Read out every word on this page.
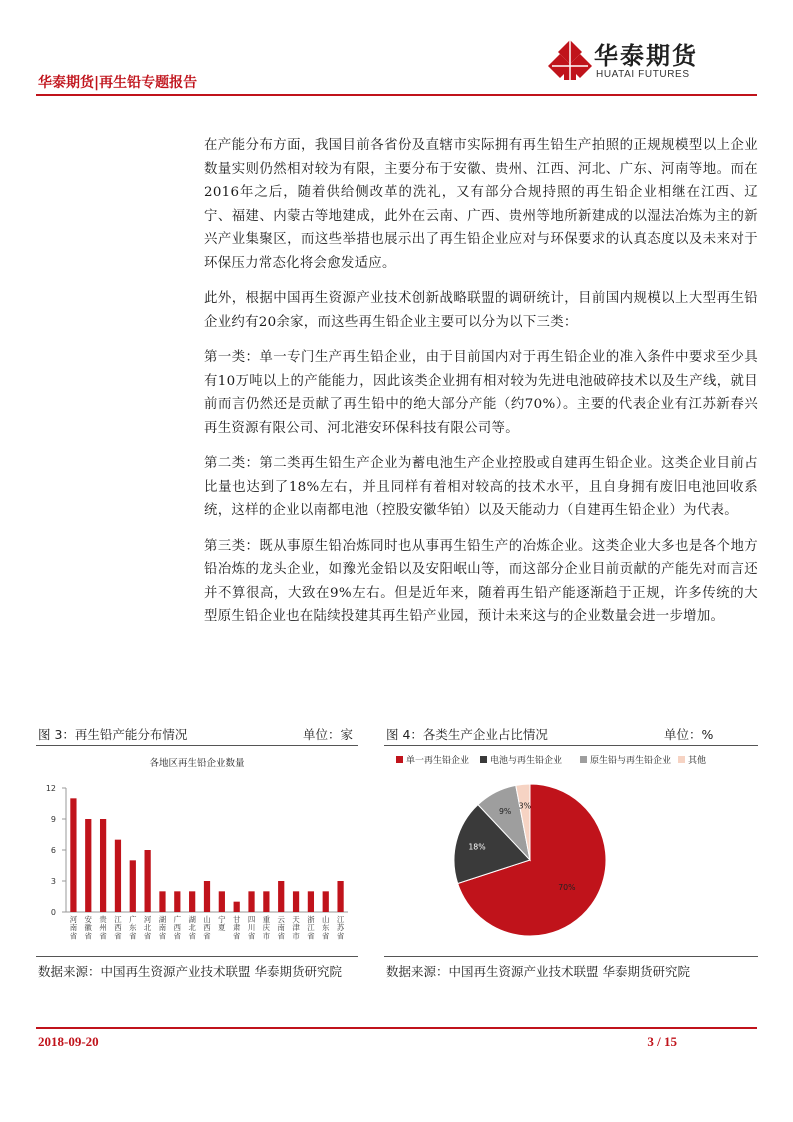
华泰期货|再生铅专题报告
华泰期货
HUATAI FUTURES

在产能分布方面，我国目前各省份及直辖市实际拥有再生铅生产拍照的正规规模型以上企业数量实则仍然相对较为有限，主要分布于安徽、贵州、江西、河北、广东、河南等地。而在2016年之后，随着供给侧改革的洗礼，又有部分合规持照的再生铅企业相继在江西、辽宁、福建、内蒙古等地建成，此外在云南、广西、贵州等地所新建成的以湿法冶炼为主的新兴产业集聚区，而这些举措也展示出了再生铅企业应对与环保要求的认真态度以及未来对于环保压力常态化将会愈发适应。

此外，根据中国再生资源产业技术创新战略联盟的调研统计，目前国内规模以上大型再生铅企业约有20余家，而这些再生铅企业主要可以分为以下三类：

第一类：单一专门生产再生铅企业，由于目前国内对于再生铅企业的准入条件中要求至少具有10万吨以上的产能能力，因此该类企业拥有相对较为先进电池破碎技术以及生产线，就目前而言仍然还是贡献了再生铅中的绝大部分产能（约70%）。主要的代表企业有江苏新春兴再生资源有限公司、河北港安环保科技有限公司等。

第二类：第二类再生铅生产企业为蓄电池生产企业控股或自建再生铅企业。这类企业目前占比量也达到了18%左右，并且同样有着相对较高的技术水平，且自身拥有废旧电池回收系统，这样的企业以南都电池（控股安徽华铂）以及天能动力（自建再生铅企业）为代表。

第三类：既从事原生铅冶炼同时也从事再生铅生产的冶炼企业。这类企业大多也是各个地方铅冶炼的龙头企业，如豫光金铅以及安阳岷山等，而这部分企业目前贡献的产能先对而言还并不算很高，大致在9%左右。但是近年来，随着再生铅产能逐渐趋于正规，许多传统的大型原生铅企业也在陆续投建其再生铅产业园，预计未来这与的企业数量会进一步增加。

图 3：再生铅产能分布情况	单位：家
各地区再生铅企业数量
0
3
6
9
12
河南省
安徽省
贵州省
江西省
广东省
河北省
湖南省
广西省
湖北省
山西省
宁夏
甘肃省
四川省
重庆市
云南省
天津市
浙江省
山东省
江苏省
数据来源：中国再生资源产业技术联盟 华泰期货研究院
图 4：各类生产企业占比情况	单位：%
单一再生铅企业 电池与再生铅企业	原生铅与再生铅企业 其他
70%
18%
9%
3%
数据来源：中国再生资源产业技术联盟 华泰期货研究院
2018-09-20	3 / 15
